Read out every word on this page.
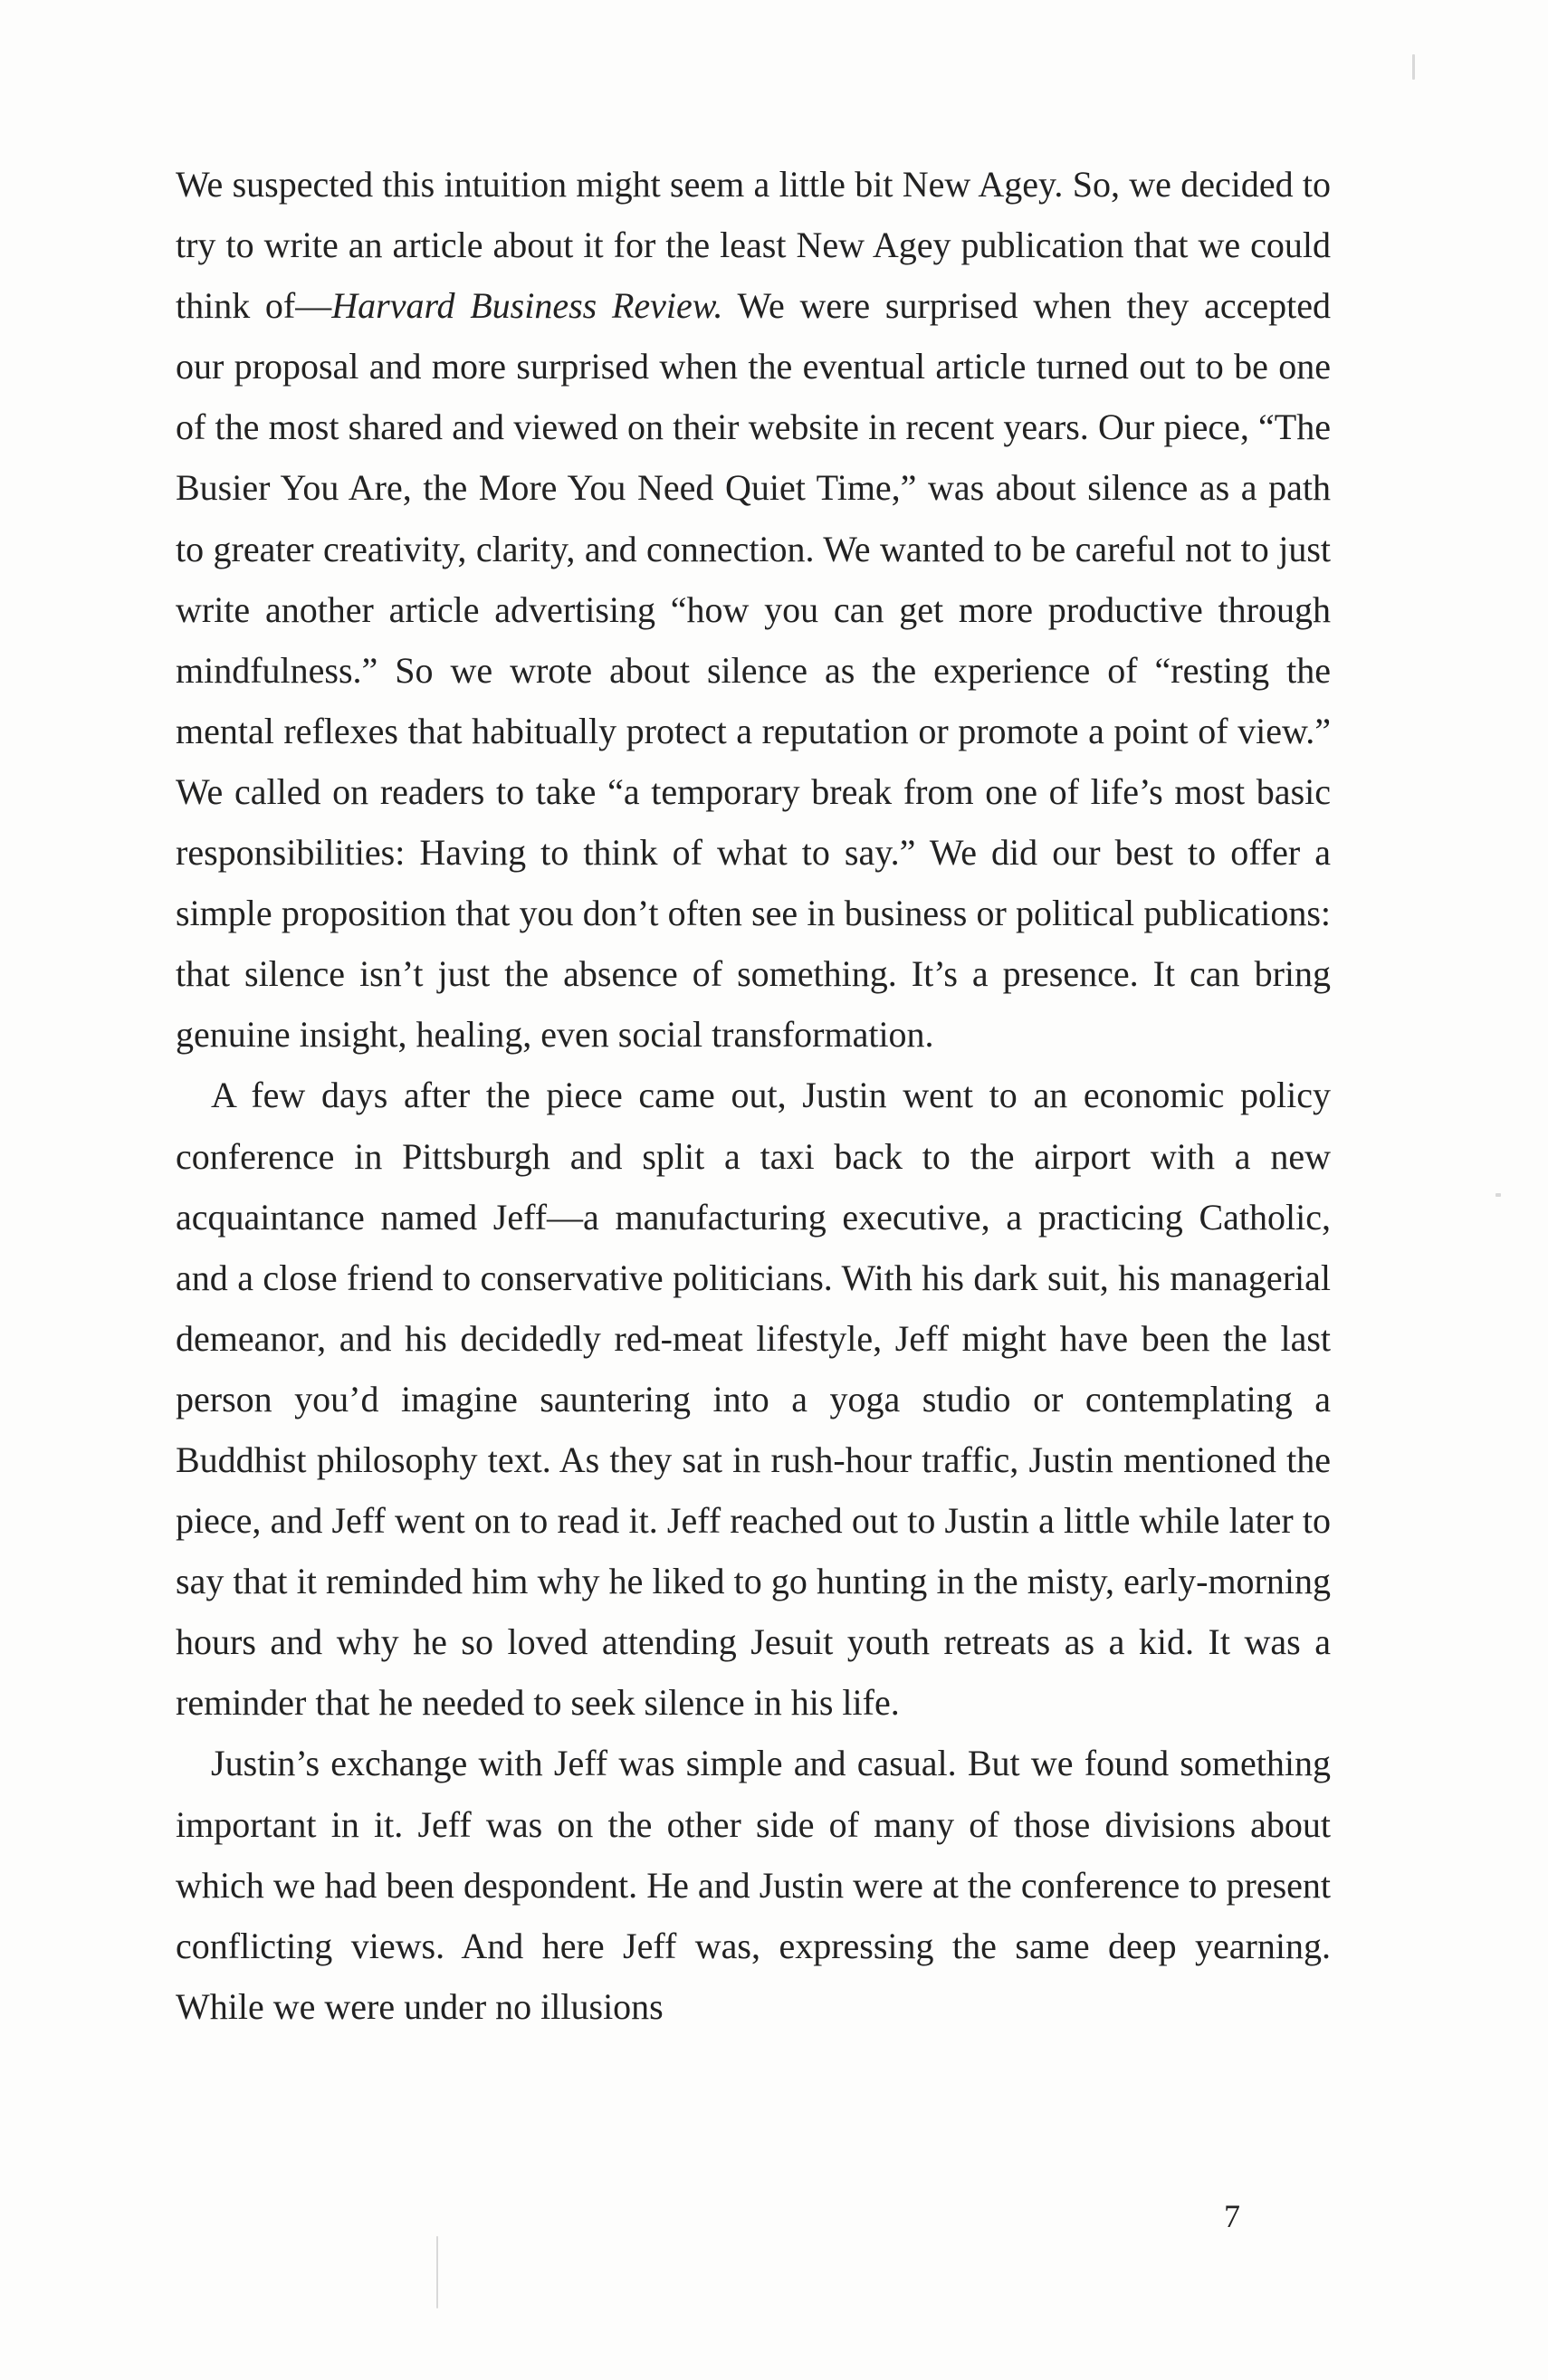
We suspected this intuition might seem a little bit New Agey. So, we decided to try to write an article about it for the least New Agey publication that we could think of—Harvard Business Review. We were surprised when they accepted our proposal and more surprised when the eventual article turned out to be one of the most shared and viewed on their website in recent years. Our piece, “The Busier You Are, the More You Need Quiet Time,” was about silence as a path to greater creativity, clarity, and connection. We wanted to be careful not to just write another article advertising “how you can get more productive through mindfulness.” So we wrote about silence as the experience of “resting the mental reflexes that habitually protect a reputation or promote a point of view.” We called on readers to take “a temporary break from one of life’s most basic responsibilities: Having to think of what to say.” We did our best to offer a simple proposition that you don’t often see in business or political publications: that silence isn’t just the absence of something. It’s a presence. It can bring genuine insight, healing, even social transformation.

A few days after the piece came out, Justin went to an economic policy conference in Pittsburgh and split a taxi back to the airport with a new acquaintance named Jeff—a manufacturing executive, a practicing Catholic, and a close friend to conservative politicians. With his dark suit, his managerial demeanor, and his decidedly red-meat lifestyle, Jeff might have been the last person you’d imagine sauntering into a yoga studio or contemplating a Buddhist philosophy text. As they sat in rush-hour traffic, Justin mentioned the piece, and Jeff went on to read it. Jeff reached out to Justin a little while later to say that it reminded him why he liked to go hunting in the misty, early-morning hours and why he so loved attending Jesuit youth retreats as a kid. It was a reminder that he needed to seek silence in his life.

Justin’s exchange with Jeff was simple and casual. But we found something important in it. Jeff was on the other side of many of those divisions about which we had been despondent. He and Justin were at the conference to present conflicting views. And here Jeff was, expressing the same deep yearning. While we were under no illusions

7
